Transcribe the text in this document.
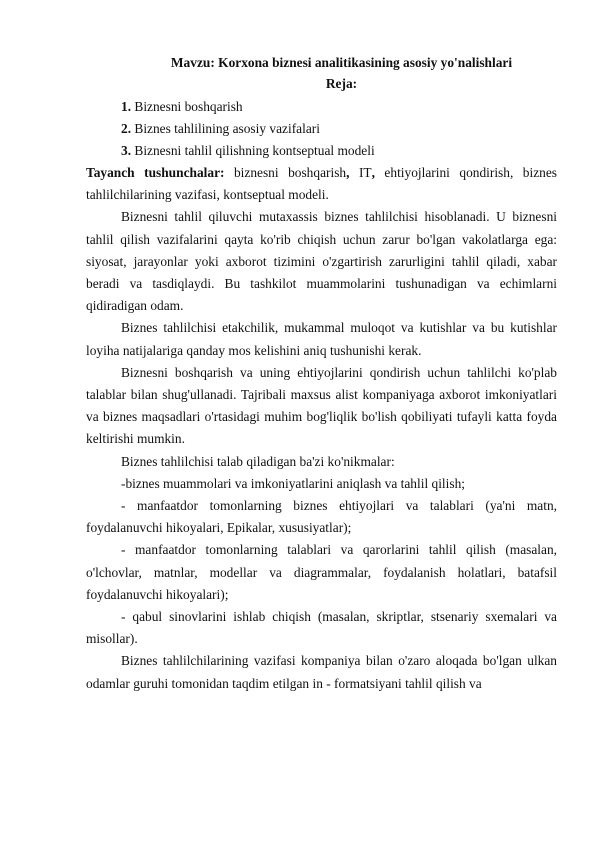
Mavzu: Korxona biznesi analitikasining asosiy yo'nalishlari

Reja:

1. Biznesni boshqarish

2. Biznes tahlilining asosiy vazifalari

3. Biznesni tahlil qilishning kontseptual modeli

Tayanch tushunchalar: biznesni boshqarish, IT, ehtiyojlarini qondirish, biznes tahlilchilarining vazifasi, kontseptual modeli.

Biznesni tahlil qiluvchi mutaxassis biznes tahlilchisi hisoblanadi. U biznesni tahlil qilish vazifalarini qayta ko'rib chiqish uchun zarur bo'lgan vakolatlarga ega: siyosat, jarayonlar yoki axborot tizimini o'zgartirish zarurligini tahlil qiladi, xabar beradi va tasdiqlaydi. Bu tashkilot muammolarini tushunadigan va echimlarni qidiradigan odam.

Biznes tahlilchisi etakchilik, mukammal muloqot va kutishlar va bu kutishlar loyiha natijalariga qanday mos kelishini aniq tushunishi kerak.

Biznesni boshqarish va uning ehtiyojlarini qondirish uchun tahlilchi ko'plab talablar bilan shug'ullanadi. Tajribali maxsus alist kompaniyaga axborot imkoniyatlari va biznes maqsadlari o'rtasidagi muhim bog'liqlik bo'lish qobiliyati tufayli katta foyda keltirishi mumkin.

Biznes tahlilchisi talab qiladigan ba'zi ko'nikmalar:

-biznes muammolari va imkoniyatlarini aniqlash va tahlil qilish;

- manfaatdor tomonlarning biznes ehtiyojlari va talablari (ya'ni matn, foydalanuvchi hikoyalari, Epikalar, xususiyatlar);

- manfaatdor tomonlarning talablari va qarorlarini tahlil qilish (masalan, o'lchovlar, matnlar, modellar va diagrammalar, foydalanish holatlari, batafsil foydalanuvchi hikoyalari);

- qabul sinovlarini ishlab chiqish (masalan, skriptlar, stsenariy sxemalari va misollar).

Biznes tahlilchilarining vazifasi kompaniya bilan o'zaro aloqada bo'lgan ulkan odamlar guruhi tomonidan taqdim etilgan in - formatsiyani tahlil qilish va
